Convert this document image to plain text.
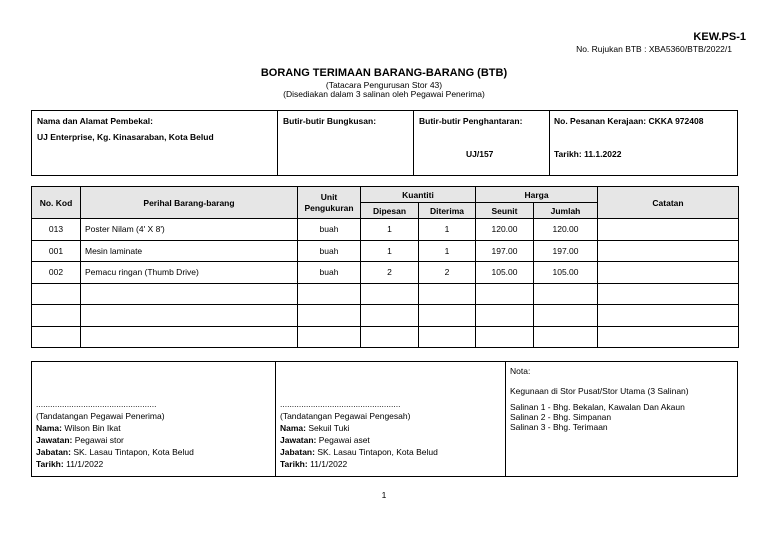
KEW.PS-1
No. Rujukan BTB : XBA5360/BTB/2022/1
BORANG TERIMAAN BARANG-BARANG (BTB)
(Tatacara Pengurusan Stor 43)
(Disediakan dalam 3 salinan oleh Pegawai Penerima)
Nama dan Alamat Pembekal:
UJ Enterprise, Kg. Kinasaraban, Kota Belud
Butir-butir Bungkusan:	Butir-butir Penghantaran:
UJ/157
No. Pesanan Kerajaan: CKKA 972408
Tarikh: 11.1.2022
No. Kod	Perihal Barang-barang	Unit Pengukuran	Kuantiti		Harga		Catatan
			Dipesan	Diterima	Seunit	Jumlah	
013	Poster Nilam (4' X 8')	buah	1	1	120.00	120.00	
001	Mesin laminate	buah	1	1	197.00	197.00	
002	Pemacu ringan (Thumb Drive)	buah	2	2	105.00	105.00	

...................................................
(Tandatangan Pegawai Penerima)
Nama: Wilson Bin Ikat
Jawatan: Pegawai stor
Jabatan: SK. Lasau Tintapon, Kota Belud
Tarikh: 11/1/2022
...................................................
(Tandatangan Pegawai Pengesah)
Nama: Sekuil Tuki
Jawatan: Pegawai aset
Jabatan: SK. Lasau Tintapon, Kota Belud
Tarikh: 11/1/2022
Nota:
Kegunaan di Stor Pusat/Stor Utama (3 Salinan)
Salinan 1 - Bhg. Bekalan, Kawalan Dan Akaun
Salinan 2 - Bhg. Simpanan
Salinan 3 - Bhg. Terimaan
1
